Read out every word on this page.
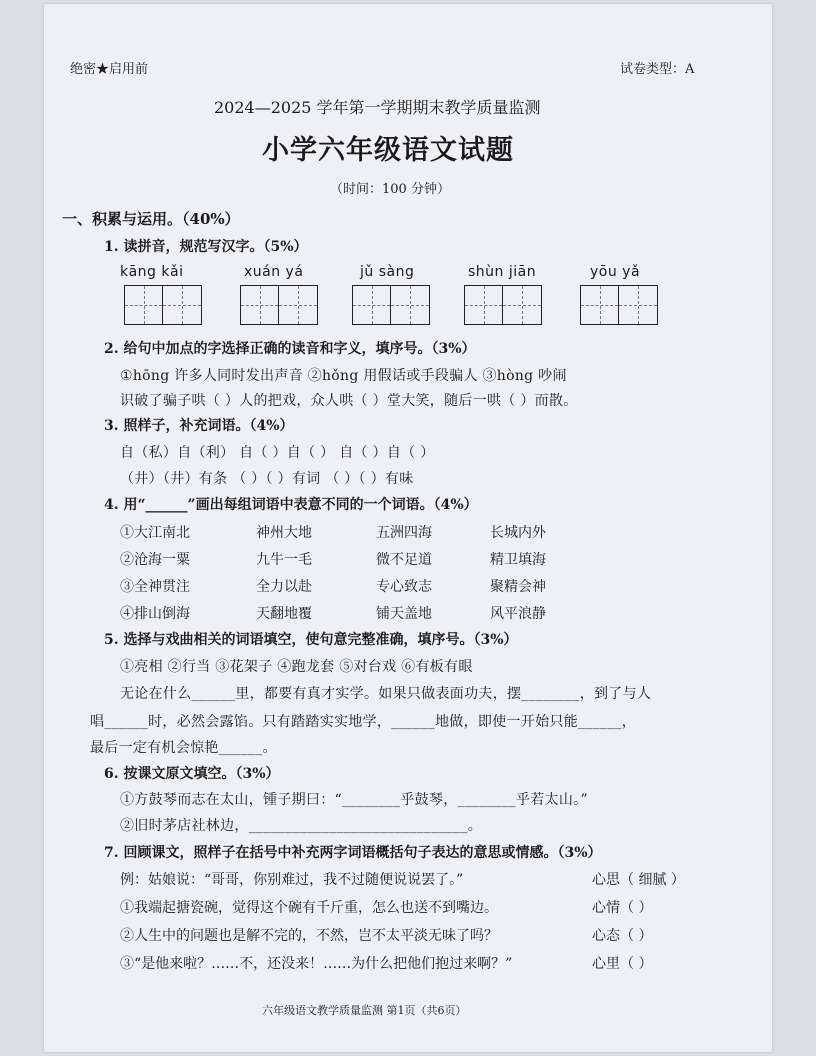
绝密★启用前	试卷类型：A
2024—2025 学年第一学期期末教学质量监测
小学六年级语文试题
（时间：100 分钟）
一、积累与运用。（40%）
1. 读拼音，规范写汉字。（5%）
kāng kǎi	xuán yá	jǔ sàng	shùn jiān	yōu yǎ
2. 给句中加点的字选择正确的读音和字义，填序号。（3%）
①hōng 许多人同时发出声音 ②hǒng 用假话或手段骗人 ③hòng 吵闹
识破了骗子哄（ ）人的把戏，众人哄（ ）堂大笑，随后一哄（ ）而散。
3. 照样子，补充词语。（4%）
自（私）自（利） 自（ ）自（ ） 自（ ）自（ ）
（井）（井）有条 （ ）（ ）有词 （ ）（ ）有味
4. 用“______”画出每组词语中表意不同的一个词语。（4%）
①大江南北	神州大地	五洲四海	长城内外
②沧海一粟	九牛一毛	微不足道	精卫填海
③全神贯注	全力以赴	专心致志	聚精会神
④排山倒海	天翻地覆	铺天盖地	风平浪静
5. 选择与戏曲相关的词语填空，使句意完整准确，填序号。（3%）
①亮相 ②行当 ③花架子 ④跑龙套 ⑤对台戏 ⑥有板有眼
无论在什么______里，都要有真才实学。如果只做表面功夫，摆________，到了与人
唱______时，必然会露馅。只有踏踏实实地学，______地做，即使一开始只能______，
最后一定有机会惊艳______。
6. 按课文原文填空。（3%）
①方鼓琴而志在太山，锺子期曰：“________乎鼓琴，________乎若太山。”
②旧时茅店社林边，______________________________。
7. 回顾课文，照样子在括号中补充两字词语概括句子表达的意思或情感。（3%）
例：姑娘说：“哥哥，你别难过，我不过随便说说罢了。”	心思（ 细腻 ）
①我端起搪瓷碗，觉得这个碗有千斤重，怎么也送不到嘴边。	心情（ ）
②人生中的问题也是解不完的，不然，岂不太平淡无味了吗？	心态（ ）
③“是他来啦？……不，还没来！……为什么把他们抱过来啊？”	心里（ ）
六年级语文教学质量监测 第1页（共6页）
